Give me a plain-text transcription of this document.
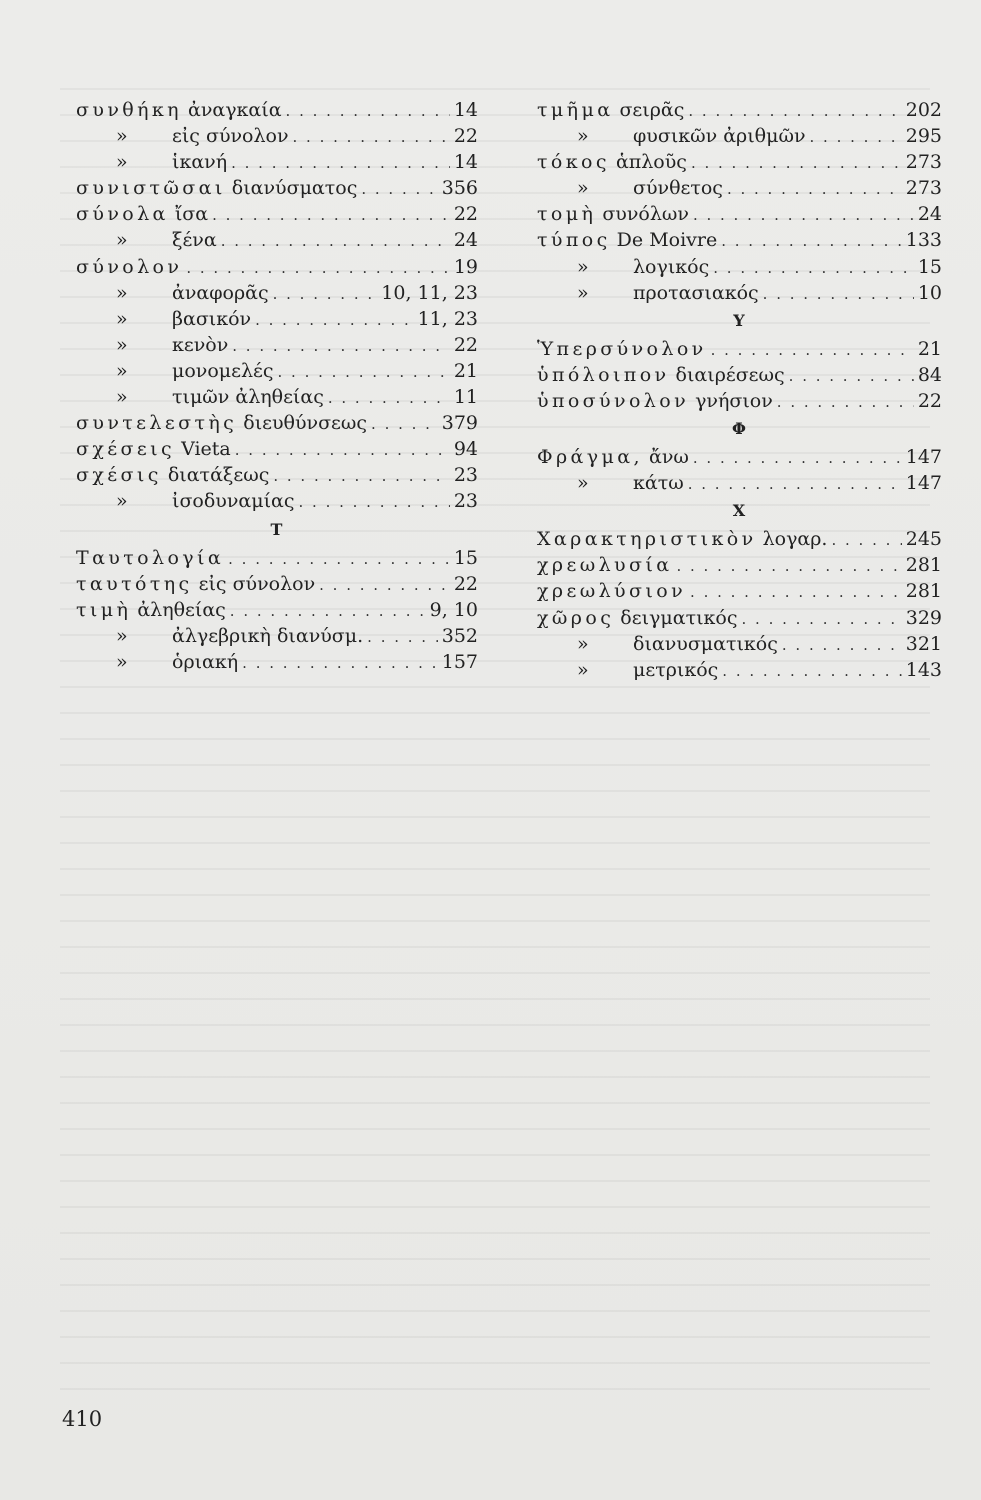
συνθήκη ἀναγκαία . . .	14
» εἰς σύνολον . . .	22
» ἱκανή . . .	14
συνιστῶσαι διανύσματος . . .	356
σύνολα ἴσα . . .	22
» ξένα . . .	24
σύνολον . . .	19
» ἀναφορᾶς . . .	10, 11, 23
» βασικόν . . .	11, 23
» κενὸν . . .	22
» μονομελές . . .	21
» τιμῶν ἀληθείας . . .	11
συντελεστὴς διευθύνσεως . . .	379
σχέσεις Vieta . . .	94
σχέσις διατάξεως . . .	23
» ἰσοδυναμίας . . .	23
Τ
Ταυτολογία . . .	15
ταυτότης εἰς σύνολον . . .	22
τιμὴ ἀληθείας . . .	9, 10
» ἀλγεβρικὴ διανύσμ. . . .	352
» ὁριακή . . .	157
τμῆμα σειρᾶς . . .	202
» φυσικῶν ἀριθμῶν . . .	295
τόκος ἁπλοῦς . . .	273
» σύνθετος . . .	273
τομὴ συνόλων . . .	24
τύπος De Moivre . . .	133
» λογικός . . .	15
» προτασιακός . . .	10
Υ
Ὑπερσύνολον . . .	21
ὑπόλοιπον διαιρέσεως . . .	84
ὑποσύνολον γνήσιον . . .	22
Φ
Φράγμα, ἄνω . . .	147
» κάτω . . .	147
Χ
Χαρακτηριστικὸν λογαρ. . . .	245
χρεωλυσία . . .	281
χρεωλύσιον . . .	281
χῶρος δειγματικός . . .	329
» διανυσματικός . . .	321
» μετρικός . . .	143
410
